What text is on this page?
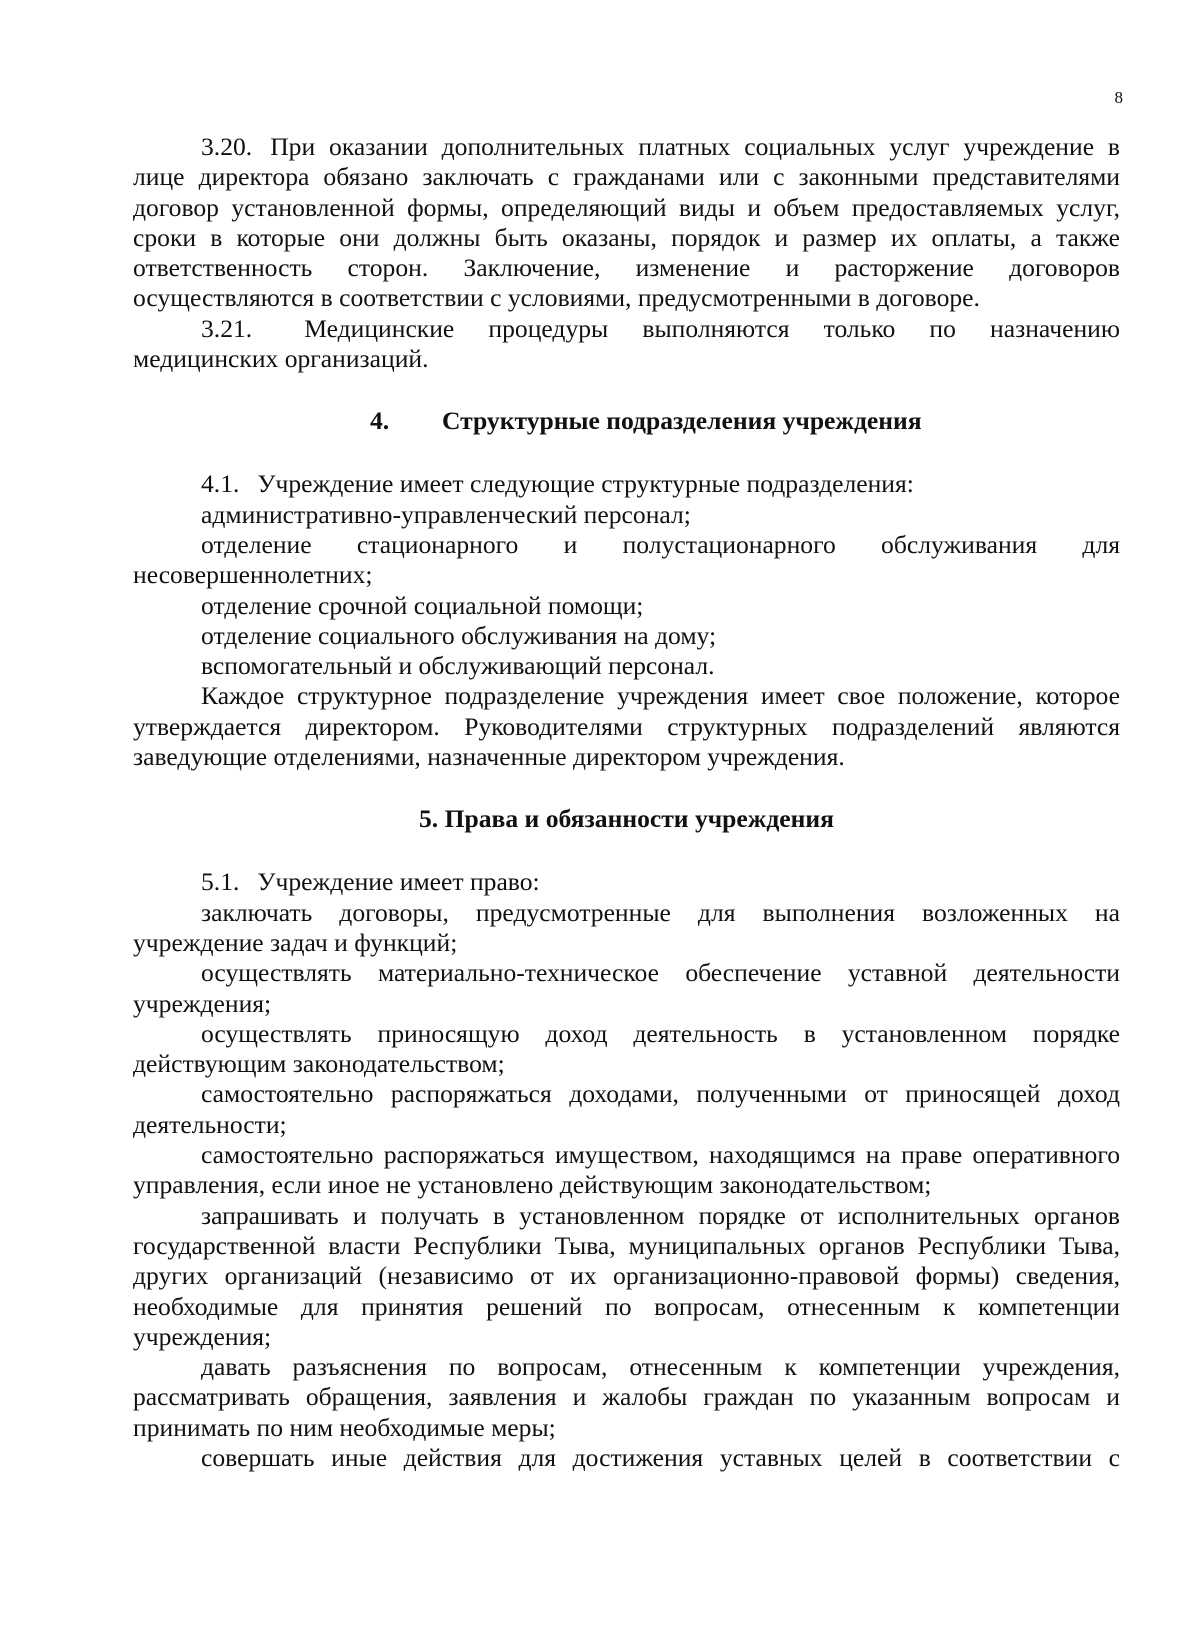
8

3.20. При оказании дополнительных платных социальных услуг учреждение в лице директора обязано заключать с гражданами или с законными представителями договор установленной формы, определяющий виды и объем предоставляемых услуг, сроки в которые они должны быть оказаны, порядок и размер их оплаты, а также ответственность сторон. Заключение, изменение и расторжение договоров осуществляются в соответствии с условиями, предусмотренными в договоре.

3.21. Медицинские процедуры выполняются только по назначению медицинских организаций.

4. Структурные подразделения учреждения

4.1. Учреждение имеет следующие структурные подразделения:

административно-управленческий персонал;

отделение стационарного и полустационарного обслуживания для несовершеннолетних;

отделение срочной социальной помощи;

отделение социального обслуживания на дому;

вспомогательный и обслуживающий персонал.

Каждое структурное подразделение учреждения имеет свое положение, которое утверждается директором. Руководителями структурных подразделений являются заведующие отделениями, назначенные директором учреждения.

5. Права и обязанности учреждения

5.1. Учреждение имеет право:

заключать договоры, предусмотренные для выполнения возложенных на учреждение задач и функций;

осуществлять материально-техническое обеспечение уставной деятельности учреждения;

осуществлять приносящую доход деятельность в установленном порядке действующим законодательством;

самостоятельно распоряжаться доходами, полученными от приносящей доход деятельности;

самостоятельно распоряжаться имуществом, находящимся на праве оперативного управления, если иное не установлено действующим законодательством;

запрашивать и получать в установленном порядке от исполнительных органов государственной власти Республики Тыва, муниципальных органов Республики Тыва, других организаций (независимо от их организационно-правовой формы) сведения, необходимые для принятия решений по вопросам, отнесенным к компетенции учреждения;

давать разъяснения по вопросам, отнесенным к компетенции учреждения, рассматривать обращения, заявления и жалобы граждан по указанным вопросам и принимать по ним необходимые меры;

совершать иные действия для достижения уставных целей в соответствии с
